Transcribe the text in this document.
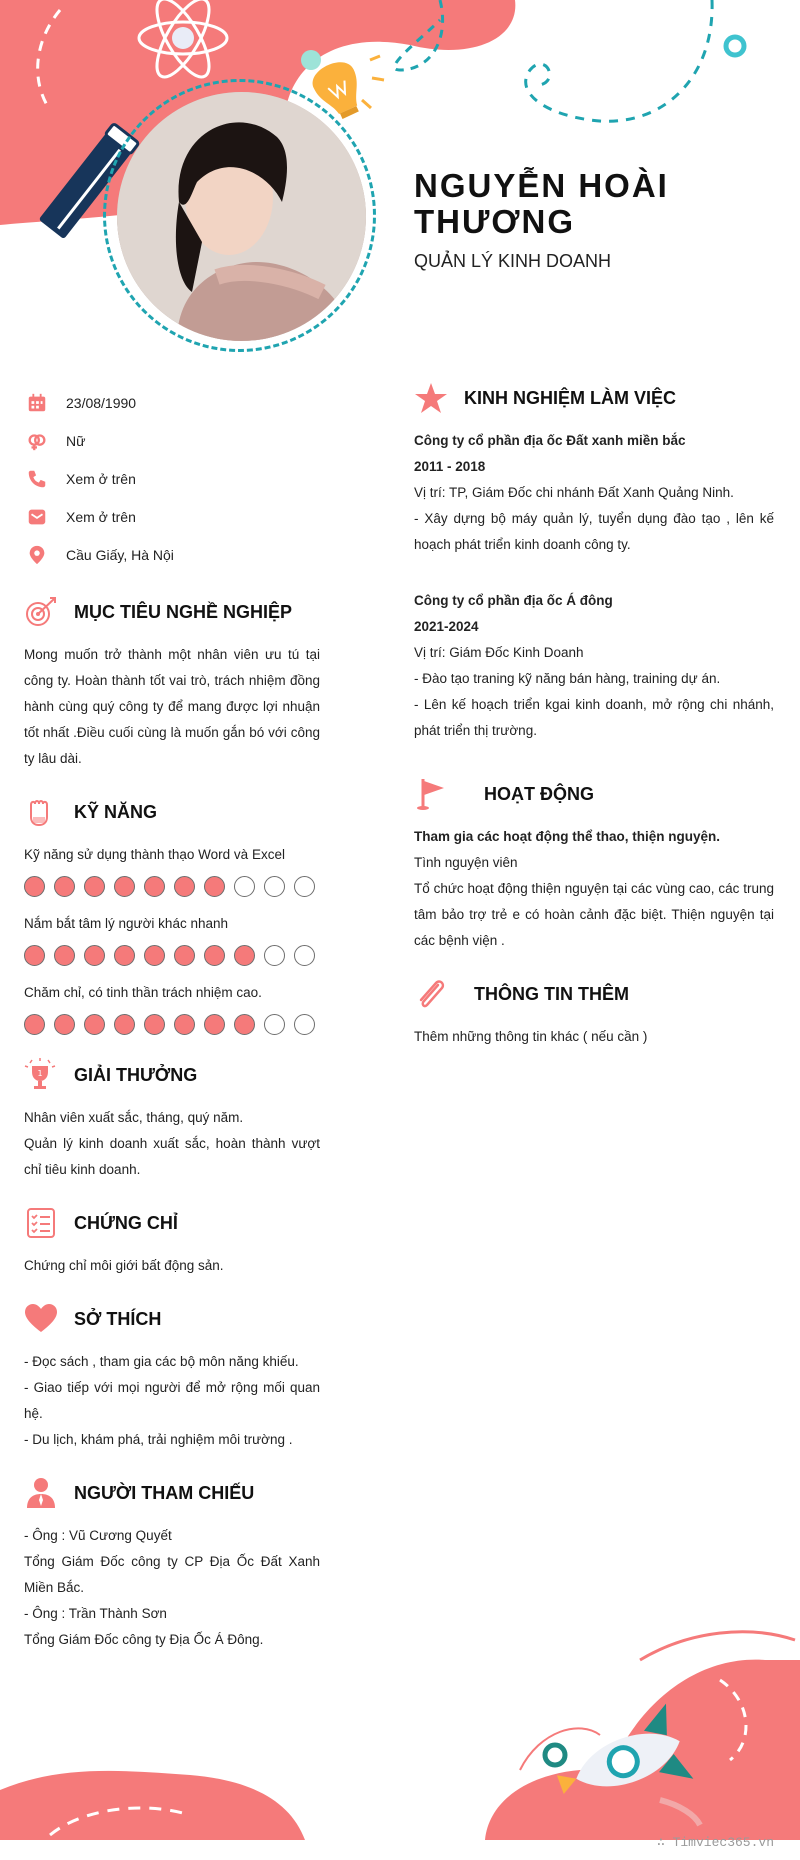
NGUYỄN HOÀI THƯƠNG
QUẢN LÝ KINH DOANH
23/08/1990
Nữ
Xem ở trên
Xem ở trên
Cầu Giấy, Hà Nội
MỤC TIÊU NGHỀ NGHIỆP

Mong muốn trở thành một nhân viên ưu tú tại công ty. Hoàn thành tốt vai trò, trách nhiệm đồng hành cùng quý công ty để mang được lợi nhuận tốt nhất .Điều cuối cùng là muốn gắn bó với công ty lâu dài.

KỸ NĂNG
Kỹ năng sử dụng thành thạo Word và Excel
Nắm bắt tâm lý người khác nhanh
Chăm chỉ, có tinh thần trách nhiệm cao.
1 GIẢI THƯỞNG

Nhân viên xuất sắc, tháng, quý năm.

Quản lý kinh doanh xuất sắc, hoàn thành vượt chỉ tiêu kinh doanh.

CHỨNG CHỈ

Chứng chỉ môi giới bất động sản.

SỞ THÍCH

- Đọc sách , tham gia các bộ môn năng khiếu.

- Giao tiếp với mọi người để mở rộng mối quan hệ.

- Du lịch, khám phá, trải nghiệm môi trường .

NGƯỜI THAM CHIẾU

- Ông : Vũ Cương Quyết

Tổng Giám Đốc công ty CP Địa Ốc Đất Xanh Miền Bắc.

- Ông : Trần Thành Sơn

Tổng Giám Đốc công ty Địa Ốc Á Đông.

KINH NGHIỆM LÀM VIỆC

Công ty cổ phần địa ốc Đất xanh miền bắc

2011 - 2018

Vị trí: TP, Giám Đốc chi nhánh Đất Xanh Quảng Ninh.

- Xây dựng bộ máy quản lý, tuyển dụng đào tạo , lên kế hoạch phát triển kinh doanh công ty.

Công ty cổ phần địa ốc Á đông

2021-2024

Vị trí: Giám Đốc Kinh Doanh

- Đào tạo traning kỹ năng bán hàng, training dự án.

- Lên kế hoạch triển kgai kinh doanh, mở rộng chi nhánh, phát triển thị trường.

HOẠT ĐỘNG

Tham gia các hoạt động thể thao, thiện nguyện.

Tình nguyện viên

Tổ chức hoạt động thiện nguyện tại các vùng cao, các trung tâm bảo trợ trẻ e có hoàn cảnh đặc biệt. Thiện nguyện tại các bệnh viện .

THÔNG TIN THÊM

Thêm những thông tin khác ( nếu cần )

∴ Timviec365.vn
